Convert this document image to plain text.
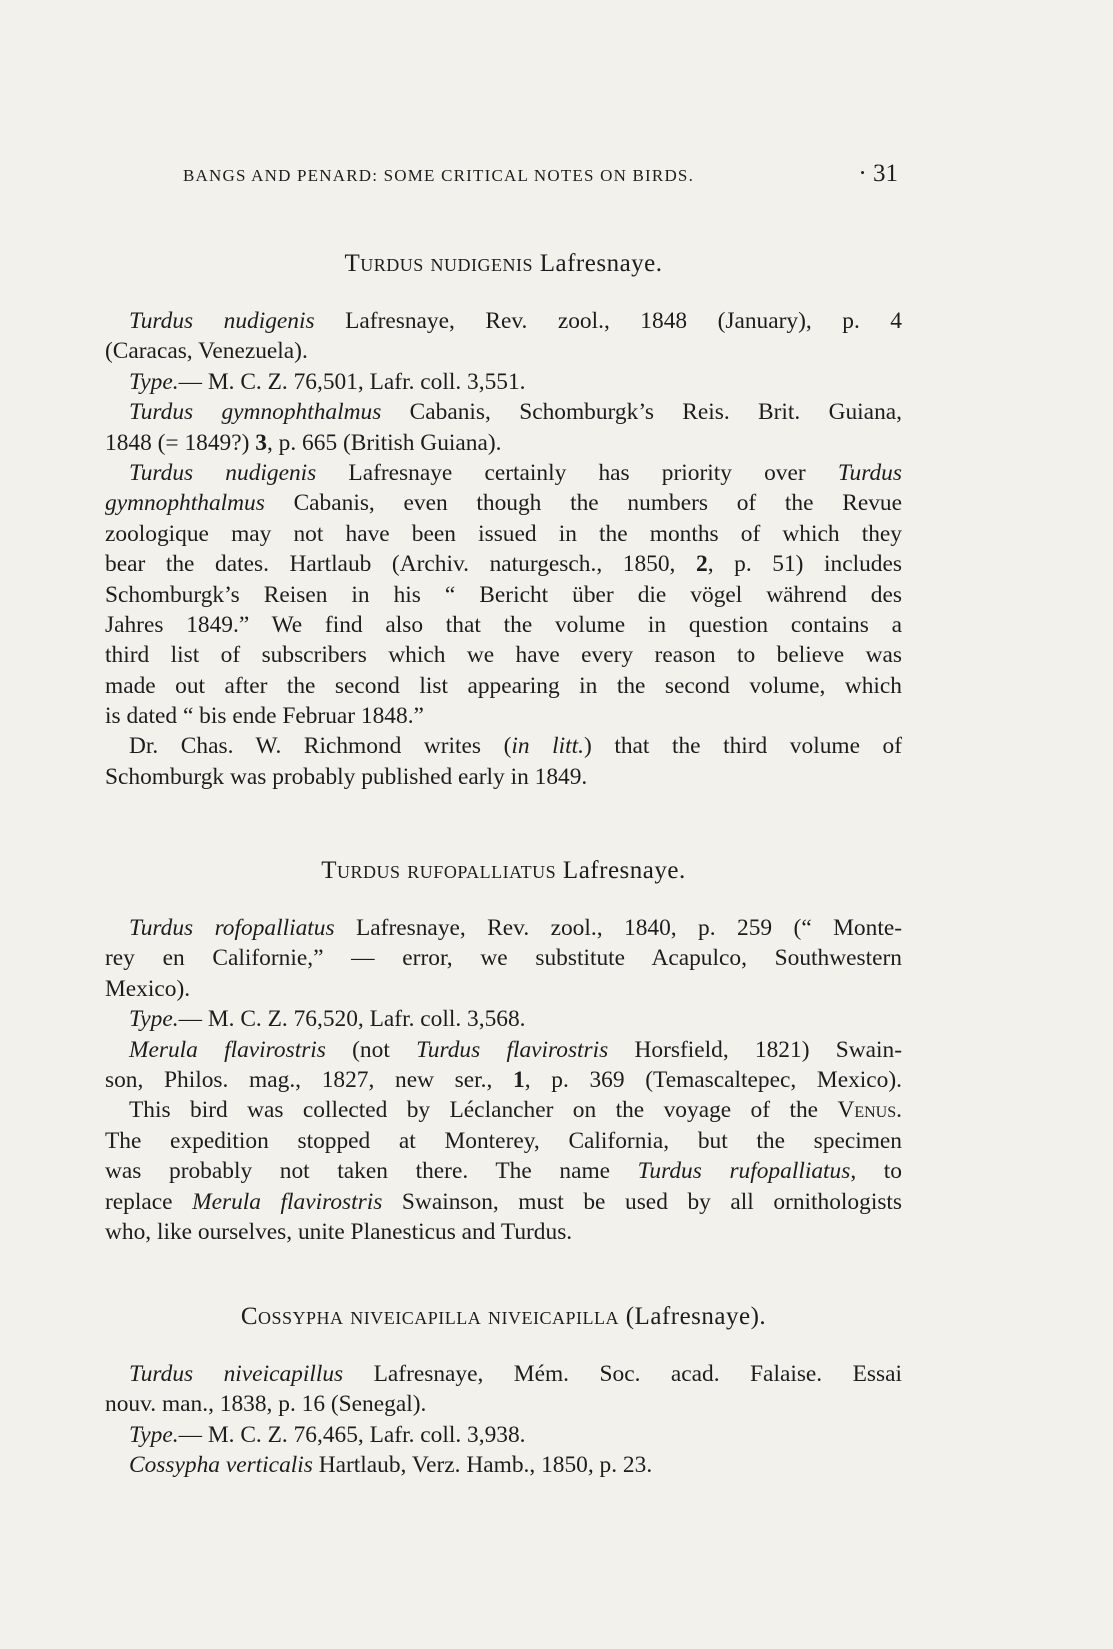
BANGS AND PENARD: SOME CRITICAL NOTES ON BIRDS.	· 31
Turdus nudigenis Lafresnaye.
Turdus nudigenis Lafresnaye, Rev. zool., 1848 (January), p. 4
(Caracas, Venezuela).
Type.— M. C. Z. 76,501, Lafr. coll. 3,551.
Turdus gymnophthalmus Cabanis, Schomburgk’s Reis. Brit. Guiana,
1848 (= 1849?) 3, p. 665 (British Guiana).
Turdus nudigenis Lafresnaye certainly has priority over Turdus
gymnophthalmus Cabanis, even though the numbers of the Revue
zoologique may not have been issued in the months of which they
bear the dates. Hartlaub (Archiv. naturgesch., 1850, 2, p. 51) includes
Schomburgk’s Reisen in his “ Bericht über die vögel während des
Jahres 1849.” We find also that the volume in question contains a
third list of subscribers which we have every reason to believe was
made out after the second list appearing in the second volume, which
is dated “ bis ende Februar 1848.”
Dr. Chas. W. Richmond writes (in litt.) that the third volume of
Schomburgk was probably published early in 1849.
Turdus rufopalliatus Lafresnaye.
Turdus rofopalliatus Lafresnaye, Rev. zool., 1840, p. 259 (“ Monte-
rey en Californie,” — error, we substitute Acapulco, Southwestern
Mexico).
Type.— M. C. Z. 76,520, Lafr. coll. 3,568.
Merula flavirostris (not Turdus flavirostris Horsfield, 1821) Swain-
son, Philos. mag., 1827, new ser., 1, p. 369 (Temascaltepec, Mexico).
This bird was collected by Léclancher on the voyage of the Venus.
The expedition stopped at Monterey, California, but the specimen
was probably not taken there. The name Turdus rufopalliatus, to
replace Merula flavirostris Swainson, must be used by all ornithologists
who, like ourselves, unite Planesticus and Turdus.
Cossypha niveicapilla niveicapilla (Lafresnaye).
Turdus niveicapillus Lafresnaye, Mém. Soc. acad. Falaise. Essai
nouv. man., 1838, p. 16 (Senegal).
Type.— M. C. Z. 76,465, Lafr. coll. 3,938.
Cossypha verticalis Hartlaub, Verz. Hamb., 1850, p. 23.
